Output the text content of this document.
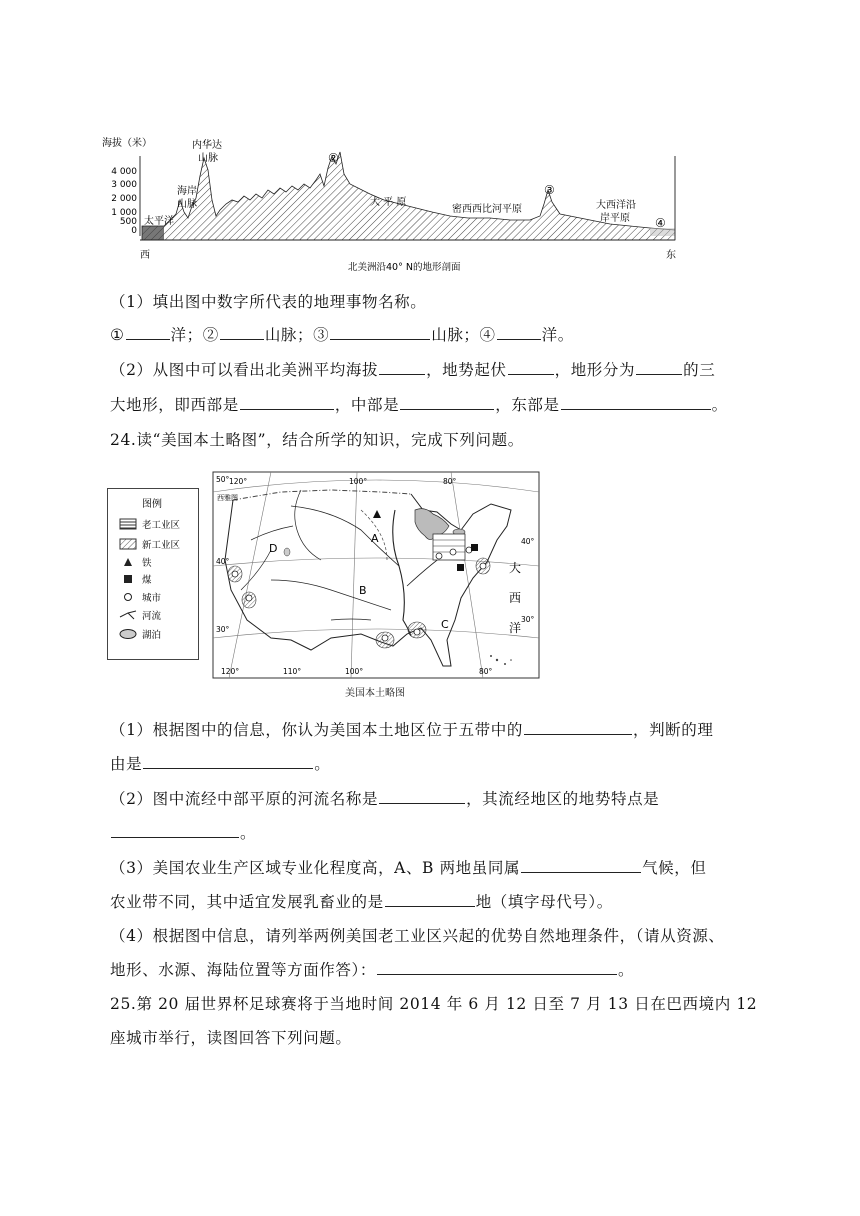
海拔（米）
4 000
3 000
2 000
1 000
500
0
太平洋
海岸
山脉
内华达
山脉	②
大 平 原
密西西比河平原
③
大西洋沿
岸平原 ④
西	东
北美洲沿40° N的地形剖面
（1）填出图中数字所代表的地理事物名称。
①	洋；②	山脉；③	山脉；④	洋。
（2）从图中可以看出北美洲平均海拔	，地势起伏	，地形分为	的三
大地形，即西部是	，中部是	，东部是	。
24.读“美国本土略图”，结合所学的知识，完成下列问题。
图例
老工业区
新工业区
铁
煤
城市
河流
湖泊
120°	100°	80°
120°	110°	100°	80°
50°
40°
30°
40°
30°
西雅图
D
A
B
C
大
西
洋
美国本土略图
（1）根据图中的信息，你认为美国本土地区位于五带中的	，判断的理
由是	。
（2）图中流经中部平原的河流名称是	，其流经地区的地势特点是
。
（3）美国农业生产区域专业化程度高，A、B 两地虽同属	气候，但
农业带不同，其中适宜发展乳畜业的是	地（填字母代号）。
（4）根据图中信息，请列举两例美国老工业区兴起的优势自然地理条件，（请从资源、
地形、水源、海陆位置等方面作答）：	。
25.第 20 届世界杯足球赛将于当地时间 2014 年 6 月 12 日至 7 月 13 日在巴西境内 12
座城市举行，读图回答下列问题。
